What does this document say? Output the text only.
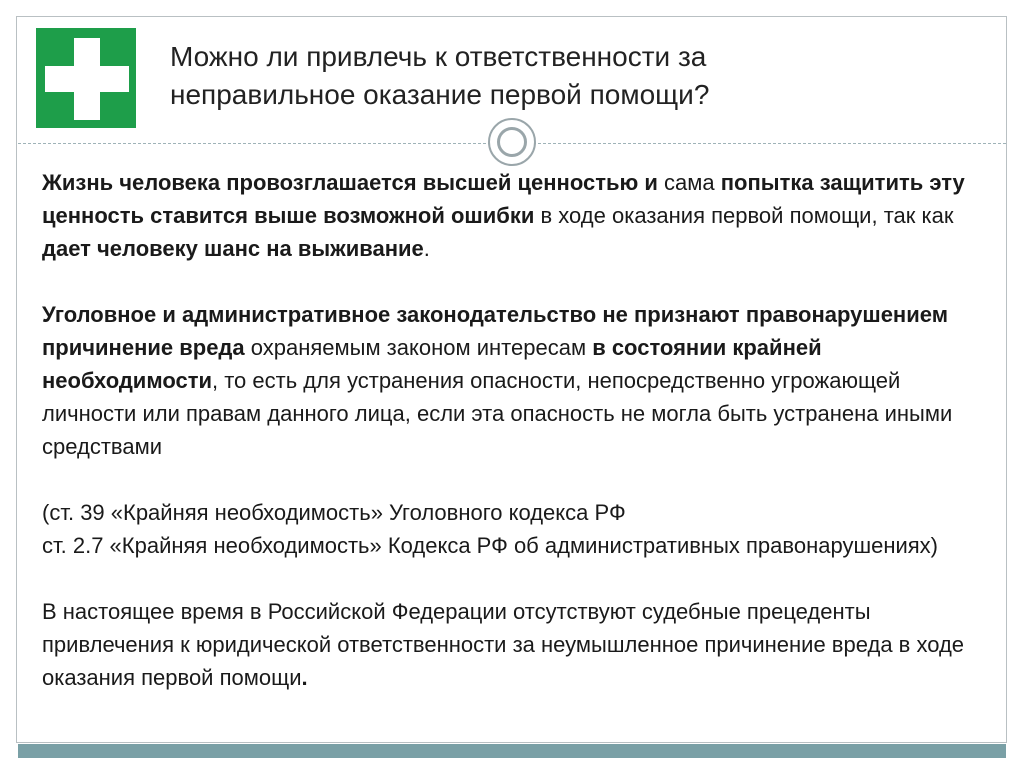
Можно ли привлечь к ответственности за
неправильное оказание первой помощи?

Жизнь человека провозглашается высшей ценностью и сама попытка защитить эту ценность ставится выше возможной ошибки в ходе оказания первой помощи, так как дает человеку шанс на выживание.

Уголовное и административное законодательство не признают правонарушением причинение вреда охраняемым законом интересам в состоянии крайней необходимости, то есть для устранения опасности, непосредственно угрожающей личности или правам данного лица, если эта опасность не могла быть устранена иными средствами

(ст. 39 «Крайняя необходимость» Уголовного кодекса РФ
ст. 2.7 «Крайняя необходимость» Кодекса РФ об административных правонарушениях)

В настоящее время в Российской Федерации отсутствуют судебные прецеденты привлечения к юридической ответственности за неумышленное причинение вреда в ходе оказания первой помощи.
